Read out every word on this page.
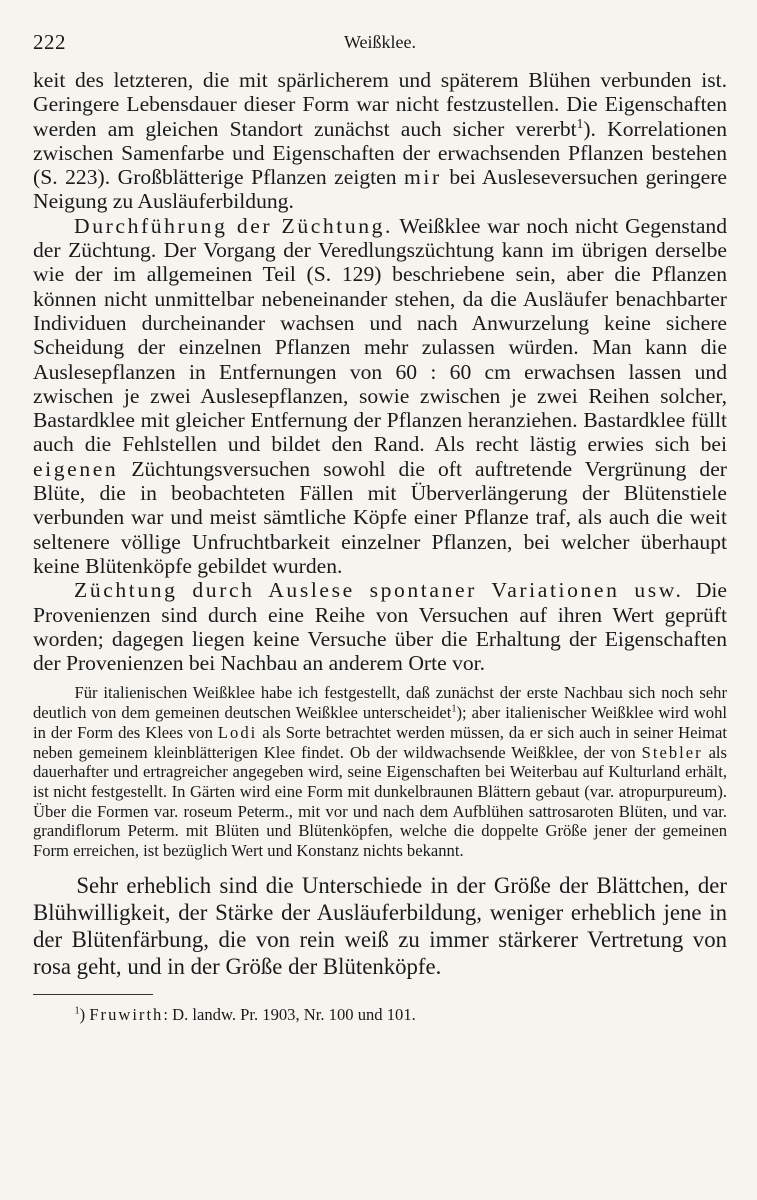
222	Weißklee.

keit des letzteren, die mit spärlicherem und späterem Blühen verbunden ist. Geringere Lebensdauer dieser Form war nicht festzustellen. Die Eigenschaften werden am gleichen Standort zunächst auch sicher vererbt$^1$). Korrelationen zwischen Samenfarbe und Eigenschaften der erwachsenden Pflanzen bestehen (S. 223). Großblätterige Pflanzen zeigten mir bei Ausleseversuchen geringere Neigung zu Ausläuferbildung.

Durchführung der Züchtung. Weißklee war noch nicht Gegenstand der Züchtung. Der Vorgang der Veredlungszüchtung kann im übrigen derselbe wie der im allgemeinen Teil (S. 129) beschriebene sein, aber die Pflanzen können nicht unmittelbar nebeneinander stehen, da die Ausläufer benachbarter Individuen durcheinander wachsen und nach Anwurzelung keine sichere Scheidung der einzelnen Pflanzen mehr zulassen würden. Man kann die Auslesepflanzen in Entfernungen von 60 : 60 cm erwachsen lassen und zwischen je zwei Auslesepflanzen, sowie zwischen je zwei Reihen solcher, Bastardklee mit gleicher Entfernung der Pflanzen heranziehen. Bastardklee füllt auch die Fehlstellen und bildet den Rand. Als recht lästig erwies sich bei eigenen Züchtungsversuchen sowohl die oft auftretende Vergrünung der Blüte, die in beobachteten Fällen mit Überverlängerung der Blütenstiele verbunden war und meist sämtliche Köpfe einer Pflanze traf, als auch die weit seltenere völlige Unfruchtbarkeit einzelner Pflanzen, bei welcher überhaupt keine Blütenköpfe gebildet wurden.

Züchtung durch Auslese spontaner Variationen usw. Die Provenienzen sind durch eine Reihe von Versuchen auf ihren Wert geprüft worden; dagegen liegen keine Versuche über die Erhaltung der Eigenschaften der Provenienzen bei Nachbau an anderem Orte vor.

Für italienischen Weißklee habe ich festgestellt, daß zunächst der erste Nachbau sich noch sehr deutlich von dem gemeinen deutschen Weißklee unterscheidet$^1$); aber italienischer Weißklee wird wohl in der Form des Klees von Lodi als Sorte betrachtet werden müssen, da er sich auch in seiner Heimat neben gemeinem kleinblätterigen Klee findet. Ob der wildwachsende Weißklee, der von Stebler als dauerhafter und ertragreicher angegeben wird, seine Eigenschaften bei Weiterbau auf Kulturland erhält, ist nicht festgestellt. In Gärten wird eine Form mit dunkelbraunen Blättern gebaut (var. atropurpureum). Über die Formen var. roseum Peterm., mit vor und nach dem Aufblühen sattrosaroten Blüten, und var. grandiflorum Peterm. mit Blüten und Blütenköpfen, welche die doppelte Größe jener der gemeinen Form erreichen, ist bezüglich Wert und Konstanz nichts bekannt.

Sehr erheblich sind die Unterschiede in der Größe der Blättchen, der Blühwilligkeit, der Stärke der Ausläuferbildung, weniger erheblich jene in der Blütenfärbung, die von rein weiß zu immer stärkerer Vertretung von rosa geht, und in der Größe der Blütenköpfe.

$^1$) Fruwirth: D. landw. Pr. 1903, Nr. 100 und 101.
